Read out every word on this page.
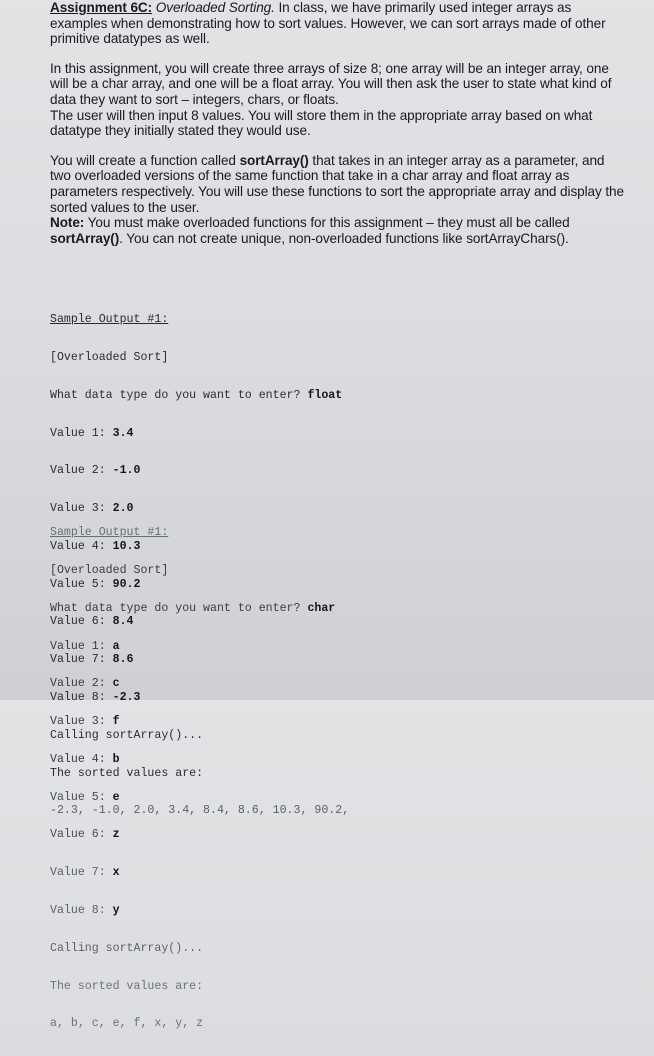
Assignment 6C: Overloaded Sorting. In class, we have primarily used integer arrays as examples when demonstrating how to sort values. However, we can sort arrays made of other primitive datatypes as well.

In this assignment, you will create three arrays of size 8; one array will be an integer array, one will be a char array, and one will be a float array. You will then ask the user to state what kind of data they want to sort – integers, chars, or floats.
The user will then input 8 values. You will store them in the appropriate array based on what datatype they initially stated they would use.

You will create a function called sortArray() that takes in an integer array as a parameter, and two overloaded versions of the same function that take in a char array and float array as parameters respectively. You will use these functions to sort the appropriate array and display the sorted values to the user.
Note: You must make overloaded functions for this assignment – they must all be called sortArray(). You can not create unique, non-overloaded functions like sortArrayChars().

Sample Output #1:

[Overloaded Sort]

What data type do you want to enter? float

Value 1: 3.4

Value 2: -1.0

Value 3: 2.0

Value 4: 10.3

Value 5: 90.2

Value 6: 8.4

Value 7: 8.6

Value 8: -2.3

Calling sortArray()...

The sorted values are:

-2.3, -1.0, 2.0, 3.4, 8.4, 8.6, 10.3, 90.2,

Sample Output #1:

[Overloaded Sort]

What data type do you want to enter? char

Value 1: a

Value 2: c

Value 3: f

Value 4: b

Value 5: e

Value 6: z

Value 7: x

Value 8: y

Calling sortArray()...

The sorted values are:

a, b, c, e, f, x, y, z
